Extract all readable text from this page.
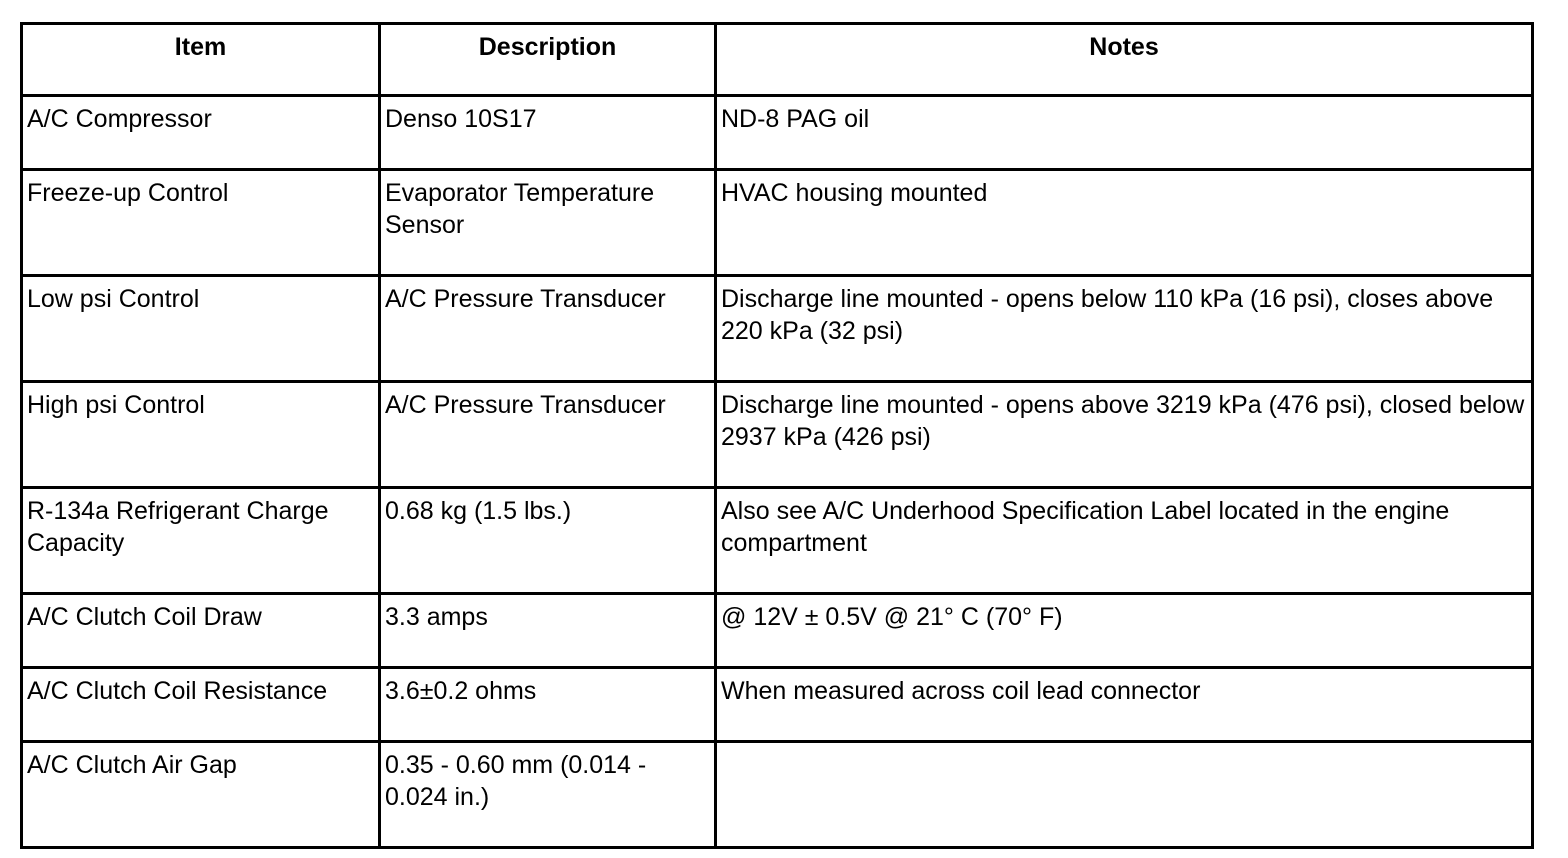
Item	Description	Notes
A/C Compressor	Denso 10S17	ND-8 PAG oil
Freeze-up Control	Evaporator Temperature Sensor	HVAC housing mounted
Low psi Control	A/C Pressure Transducer	Discharge line mounted - opens below 110 kPa (16 psi), closes above 220 kPa (32 psi)
High psi Control	A/C Pressure Transducer	Discharge line mounted - opens above 3219 kPa (476 psi), closed below 2937 kPa (426 psi)
R-134a Refrigerant Charge Capacity	0.68 kg (1.5 lbs.)	Also see A/C Underhood Specification Label located in the engine compartment
A/C Clutch Coil Draw	3.3 amps	@ 12V ± 0.5V @ 21° C (70° F)
A/C Clutch Coil Resistance	3.6±0.2 ohms	When measured across coil lead connector
A/C Clutch Air Gap	0.35 - 0.60 mm (0.014 - 0.024 in.)	
